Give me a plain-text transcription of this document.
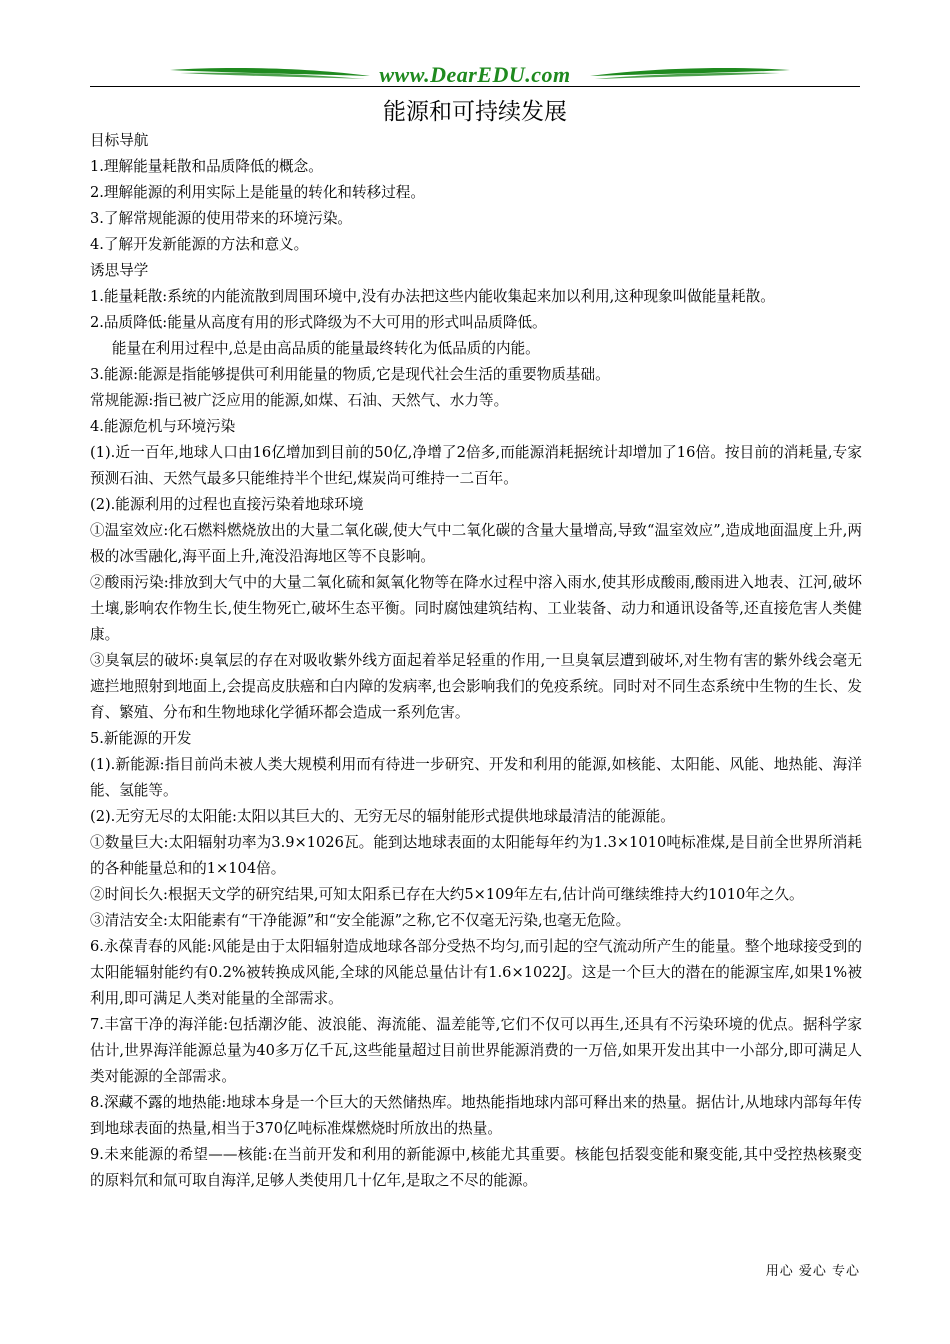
www.DearEDU.com
能源和可持续发展

目标导航

1.理解能量耗散和品质降低的概念。

2.理解能源的利用实际上是能量的转化和转移过程。

3.了解常规能源的使用带来的环境污染。

4.了解开发新能源的方法和意义。

诱思导学

1.能量耗散:系统的内能流散到周围环境中,没有办法把这些内能收集起来加以利用,这种现象叫做能量耗散。

2.品质降低:能量从高度有用的形式降级为不大可用的形式叫品质降低。

能量在利用过程中,总是由高品质的能量最终转化为低品质的内能。

3.能源:能源是指能够提供可利用能量的物质,它是现代社会生活的重要物质基础。

常规能源:指已被广泛应用的能源,如煤、石油、天然气、水力等。

4.能源危机与环境污染

(1).近一百年,地球人口由16亿增加到目前的50亿,净增了2倍多,而能源消耗据统计却增加了16倍。按目前的消耗量,专家预测石油、天然气最多只能维持半个世纪,煤炭尚可维持一二百年。

(2).能源利用的过程也直接污染着地球环境

①温室效应:化石燃料燃烧放出的大量二氧化碳,使大气中二氧化碳的含量大量增高,导致“温室效应”,造成地面温度上升,两极的冰雪融化,海平面上升,淹没沿海地区等不良影响。

②酸雨污染:排放到大气中的大量二氧化硫和氮氧化物等在降水过程中溶入雨水,使其形成酸雨,酸雨进入地表、江河,破坏土壤,影响农作物生长,使生物死亡,破坏生态平衡。同时腐蚀建筑结构、工业装备、动力和通讯设备等,还直接危害人类健康。

③臭氧层的破坏:臭氧层的存在对吸收紫外线方面起着举足轻重的作用,一旦臭氧层遭到破坏,对生物有害的紫外线会毫无遮拦地照射到地面上,会提高皮肤癌和白内障的发病率,也会影响我们的免疫系统。同时对不同生态系统中生物的生长、发育、繁殖、分布和生物地球化学循环都会造成一系列危害。

5.新能源的开发

(1).新能源:指目前尚未被人类大规模利用而有待进一步研究、开发和利用的能源,如核能、太阳能、风能、地热能、海洋能、氢能等。

(2).无穷无尽的太阳能:太阳以其巨大的、无穷无尽的辐射能形式提供地球最清洁的能源能。

①数量巨大:太阳辐射功率为3.9×1026瓦。能到达地球表面的太阳能每年约为1.3×1010吨标准煤,是目前全世界所消耗的各种能量总和的1×104倍。

②时间长久:根据天文学的研究结果,可知太阳系已存在大约5×109年左右,估计尚可继续维持大约1010年之久。

③清洁安全:太阳能素有“干净能源”和“安全能源”之称,它不仅毫无污染,也毫无危险。

6.永葆青春的风能:风能是由于太阳辐射造成地球各部分受热不均匀,而引起的空气流动所产生的能量。整个地球接受到的太阳能辐射能约有0.2%被转换成风能,全球的风能总量估计有1.6×1022J。这是一个巨大的潜在的能源宝库,如果1%被利用,即可满足人类对能量的全部需求。

7.丰富干净的海洋能:包括潮汐能、波浪能、海流能、温差能等,它们不仅可以再生,还具有不污染环境的优点。据科学家估计,世界海洋能源总量为40多万亿千瓦,这些能量超过目前世界能源消费的一万倍,如果开发出其中一小部分,即可满足人类对能源的全部需求。

8.深藏不露的地热能:地球本身是一个巨大的天然储热库。地热能指地球内部可释出来的热量。据估计,从地球内部每年传到地球表面的热量,相当于370亿吨标准煤燃烧时所放出的热量。

9.未来能源的希望——核能:在当前开发和利用的新能源中,核能尤其重要。核能包括裂变能和聚变能,其中受控热核聚变的原料氘和氚可取自海洋,足够人类使用几十亿年,是取之不尽的能源。

用心 爱心 专心
